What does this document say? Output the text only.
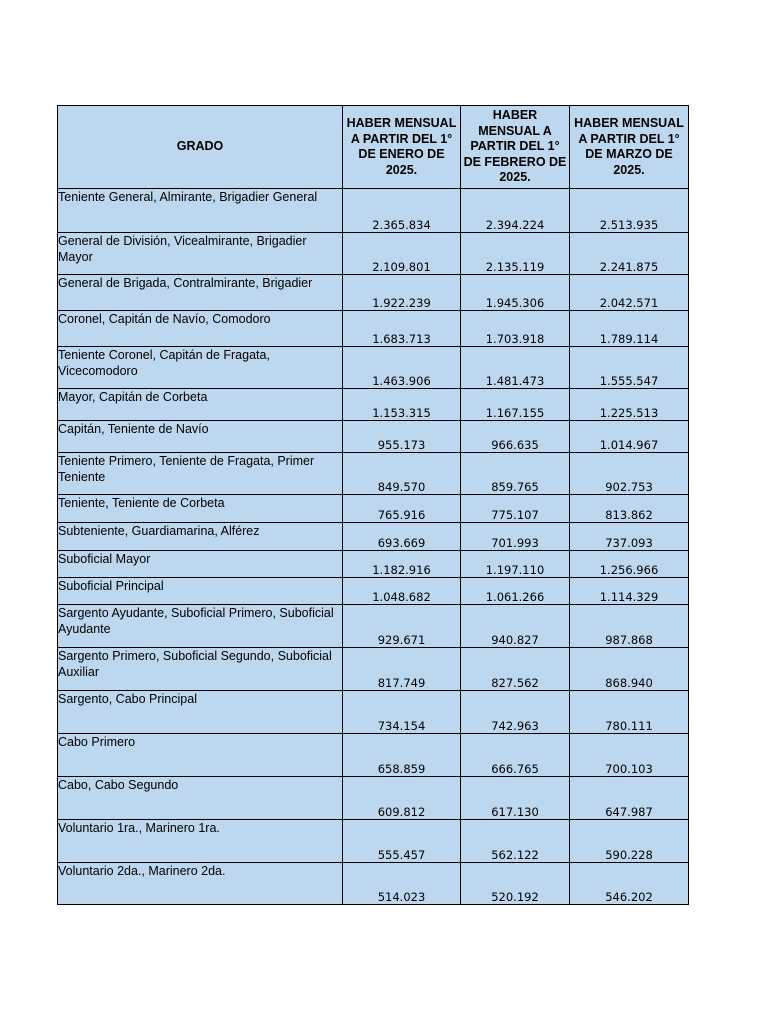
GRADO	HABER MENSUAL A PARTIR DEL 1° DE ENERO DE 2025.	HABER MENSUAL A PARTIR DEL 1° DE FEBRERO DE 2025.	HABER MENSUAL A PARTIR DEL 1° DE MARZO DE 2025.
Teniente General, Almirante, Brigadier General	2.365.834	2.394.224	2.513.935
General de División, Vicealmirante, Brigadier Mayor	2.109.801	2.135.119	2.241.875
General de Brigada, Contralmirante, Brigadier	1.922.239	1.945.306	2.042.571
Coronel, Capitán de Navío, Comodoro	1.683.713	1.703.918	1.789.114
Teniente Coronel, Capitán de Fragata, Vicecomodoro	1.463.906	1.481.473	1.555.547
Mayor, Capitán de Corbeta	1.153.315	1.167.155	1.225.513
Capitán, Teniente de Navío	955.173	966.635	1.014.967
Teniente Primero, Teniente de Fragata, Primer Teniente	849.570	859.765	902.753
Teniente, Teniente de Corbeta	765.916	775.107	813.862
Subteniente, Guardiamarina, Alférez	693.669	701.993	737.093
Suboficial Mayor	1.182.916	1.197.110	1.256.966
Suboficial Principal	1.048.682	1.061.266	1.114.329
Sargento Ayudante, Suboficial Primero, Suboficial Ayudante	929.671	940.827	987.868
Sargento Primero, Suboficial Segundo, Suboficial Auxiliar	817.749	827.562	868.940
Sargento, Cabo Principal	734.154	742.963	780.111
Cabo Primero	658.859	666.765	700.103
Cabo, Cabo Segundo	609.812	617.130	647.987
Voluntario 1ra., Marinero 1ra.	555.457	562.122	590.228
Voluntario 2da., Marinero 2da.	514.023	520.192	546.202
